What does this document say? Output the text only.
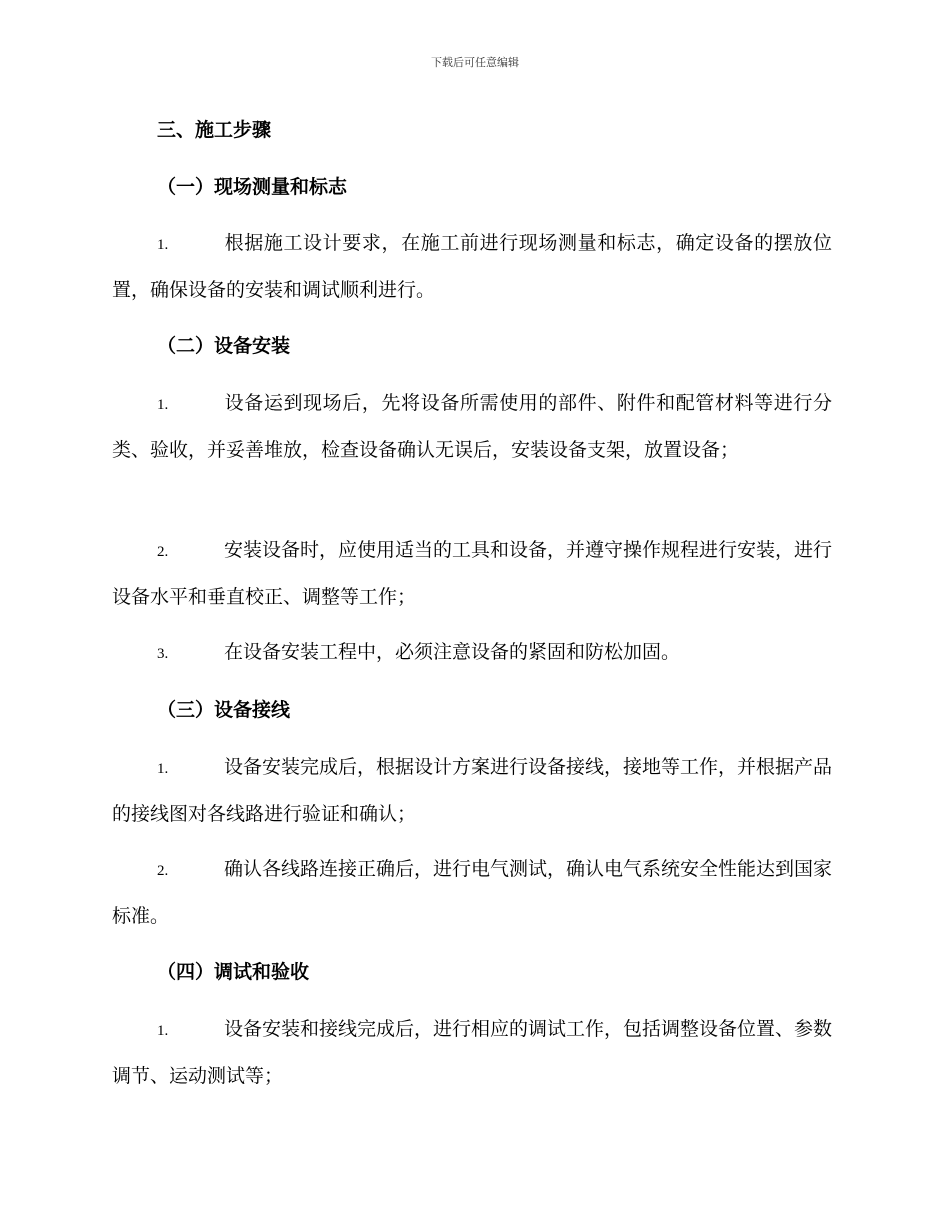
下载后可任意编辑
三、施工步骤
（一）现场测量和标志
1.	根据施工设计要求，在施工前进行现场测量和标志，确定设备的摆放位置，确保设备的安装和调试顺利进行。
（二）设备安装
1.	设备运到现场后，先将设备所需使用的部件、附件和配管材料等进行分类、验收，并妥善堆放，检查设备确认无误后，安装设备支架，放置设备；
2.	安装设备时，应使用适当的工具和设备，并遵守操作规程进行安装，进行设备水平和垂直校正、调整等工作；
3.	在设备安装工程中，必须注意设备的紧固和防松加固。
（三）设备接线
1.	设备安装完成后，根据设计方案进行设备接线，接地等工作，并根据产品的接线图对各线路进行验证和确认；
2.	确认各线路连接正确后，进行电气测试，确认电气系统安全性能达到国家标准。
（四）调试和验收
1.	设备安装和接线完成后，进行相应的调试工作，包括调整设备位置、参数调节、运动测试等；
